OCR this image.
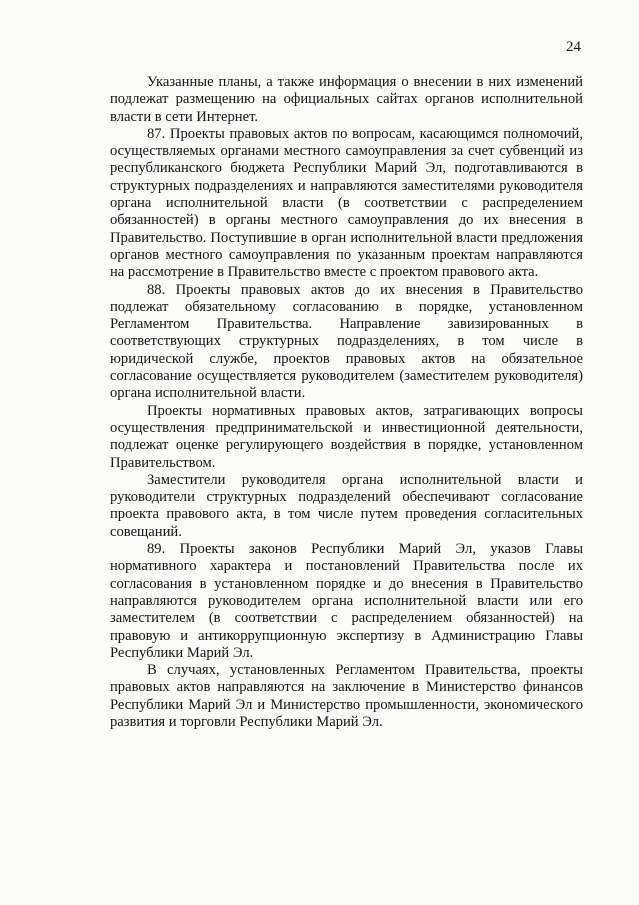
24

Указанные планы, а также информация о внесении в них изменений подлежат размещению на официальных сайтах органов исполнительной власти в сети Интернет.

87. Проекты правовых актов по вопросам, касающимся полномочий, осуществляемых органами местного самоуправления за счет субвенций из республиканского бюджета Республики Марий Эл, подготавливаются в структурных подразделениях и направляются заместителями руководителя органа исполнительной власти (в соответствии с распределением обязанностей) в органы местного самоуправления до их внесения в Правительство. Поступившие в орган исполнительной власти предложения органов местного самоуправления по указанным проектам направляются на рассмотрение в Правительство вместе с проектом правового акта.

88. Проекты правовых актов до их внесения в Правительство подлежат обязательному согласованию в порядке, установленном Регламентом Правительства. Направление завизированных в соответствующих структурных подразделениях, в том числе в юридической службе, проектов правовых актов на обязательное согласование осуществляется руководителем (заместителем руководителя) органа исполнительной власти.

Проекты нормативных правовых актов, затрагивающих вопросы осуществления предпринимательской и инвестиционной деятельности, подлежат оценке регулирующего воздействия в порядке, установленном Правительством.

Заместители руководителя органа исполнительной власти и руководители структурных подразделений обеспечивают согласование проекта правового акта, в том числе путем проведения согласительных совещаний.

89. Проекты законов Республики Марий Эл, указов Главы нормативного характера и постановлений Правительства после их согласования в установленном порядке и до внесения в Правительство направляются руководителем органа исполнительной власти или его заместителем (в соответствии с распределением обязанностей) на правовую и антикоррупционную экспертизу в Администрацию Главы Республики Марий Эл.

В случаях, установленных Регламентом Правительства, проекты правовых актов направляются на заключение в Министерство финансов Республики Марий Эл и Министерство промышленности, экономического развития и торговли Республики Марий Эл.
